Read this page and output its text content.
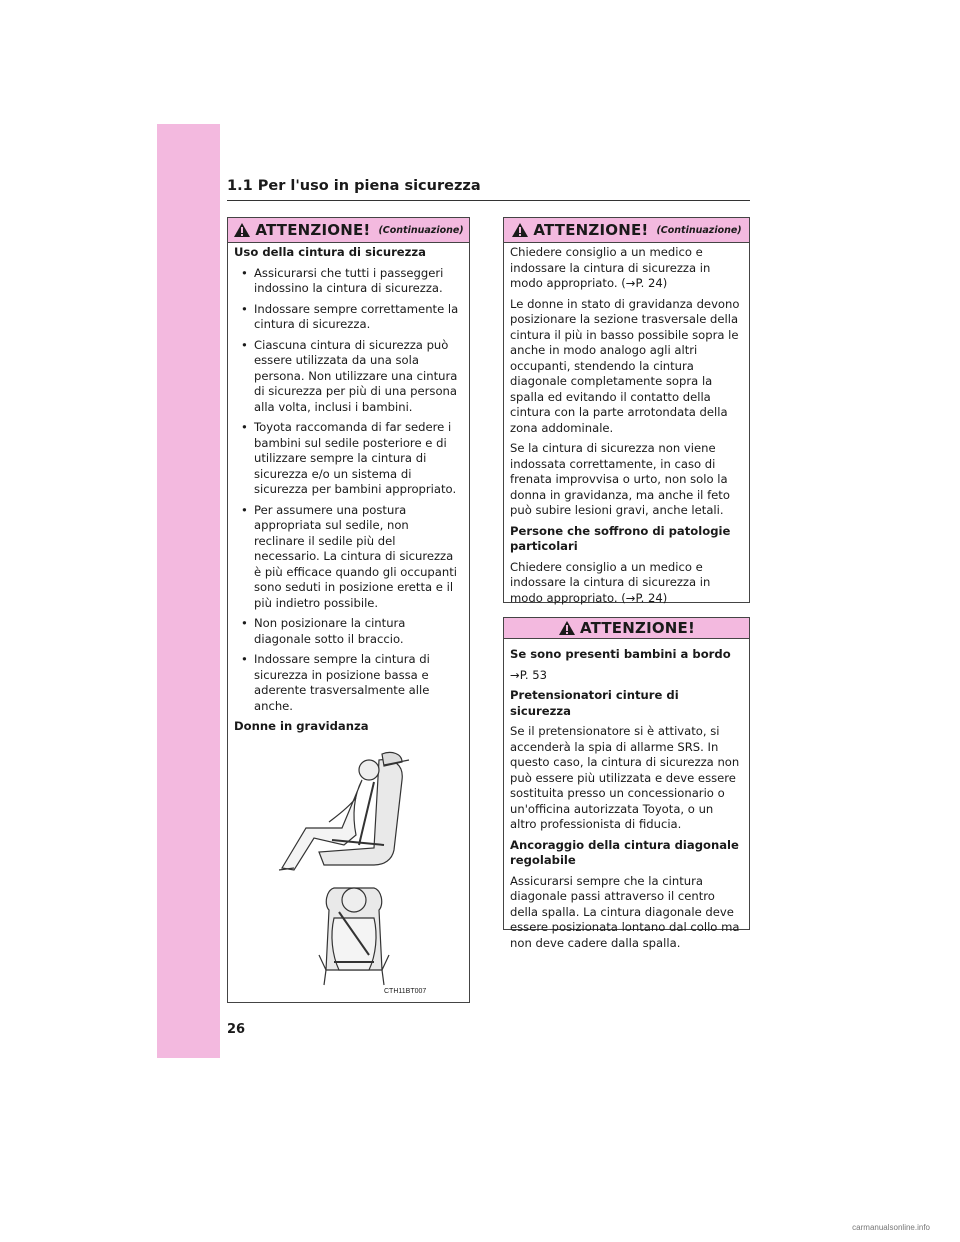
1.1 Per l'uso in piena sicurezza
ATTENZIONE! (Continuazione)

Uso della cintura di sicurezza

• Assicurarsi che tutti i passeggeri indossino la cintura di sicurezza.
• Indossare sempre correttamente la cintura di sicurezza.
• Ciascuna cintura di sicurezza può essere utilizzata da una sola persona. Non utilizzare una cintura di sicurezza per più di una persona alla volta, inclusi i bambini.
• Toyota raccomanda di far sedere i bambini sul sedile posteriore e di utilizzare sempre la cintura di sicurezza e/o un sistema di sicurezza per bambini appropriato.
• Per assumere una postura appropriata sul sedile, non reclinare il sedile più del necessario. La cintura di sicurezza è più efficace quando gli occupanti sono seduti in posizione eretta e il più indietro possibile.
• Non posizionare la cintura diagonale sotto il braccio.
• Indossare sempre la cintura di sicurezza in posizione bassa e aderente trasversalmente alle anche.

Donne in gravidanza

CTH11BT007
ATTENZIONE! (Continuazione)

Chiedere consiglio a un medico e indossare la cintura di sicurezza in modo appropriato. (→P. 24)

Le donne in stato di gravidanza devono posizionare la sezione trasversale della cintura il più in basso possibile sopra le anche in modo analogo agli altri occupanti, stendendo la cintura diagonale completamente sopra la spalla ed evitando il contatto della cintura con la parte arrotondata della zona addominale.

Se la cintura di sicurezza non viene indossata correttamente, in caso di frenata improvvisa o urto, non solo la donna in gravidanza, ma anche il feto può subire lesioni gravi, anche letali.

Persone che soffrono di patologie particolari

Chiedere consiglio a un medico e indossare la cintura di sicurezza in modo appropriato. (→P. 24)

ATTENZIONE!

Se sono presenti bambini a bordo

→P. 53

Pretensionatori cinture di sicurezza

Se il pretensionatore si è attivato, si accenderà la spia di allarme SRS. In questo caso, la cintura di sicurezza non può essere più utilizzata e deve essere sostituita presso un concessionario o un'officina autorizzata Toyota, o un altro professionista di fiducia.

Ancoraggio della cintura diagonale regolabile

Assicurarsi sempre che la cintura diagonale passi attraverso il centro della spalla. La cintura diagonale deve essere posizionata lontano dal collo ma non deve cadere dalla spalla.

26
carmanualsonline.info
